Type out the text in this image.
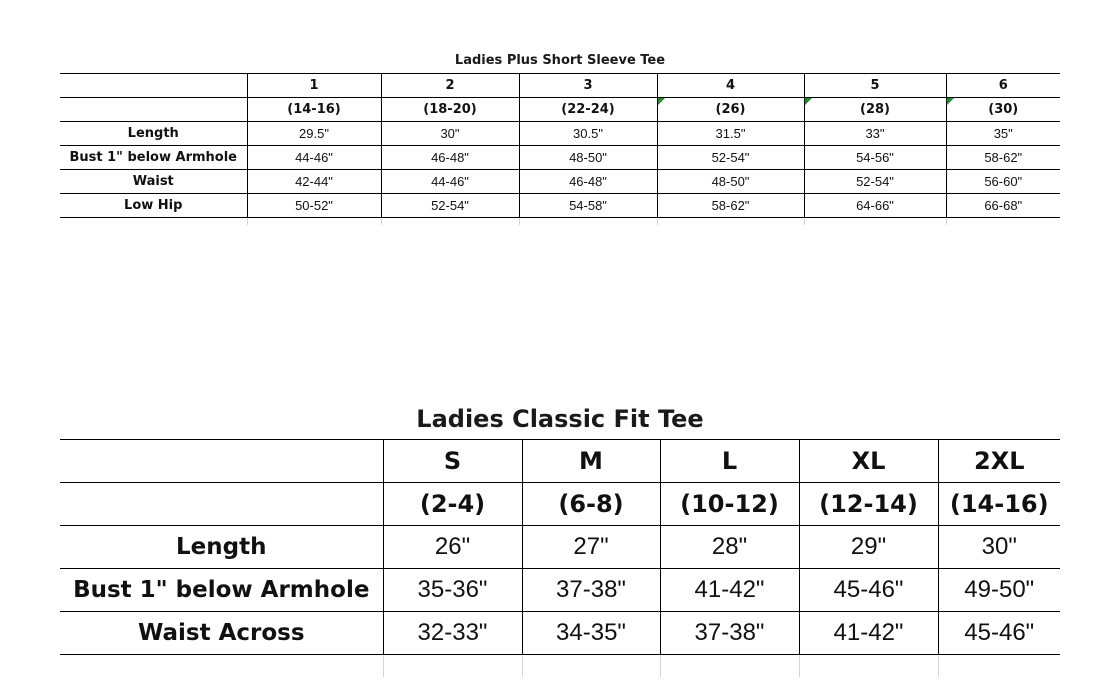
Ladies Plus Short Sleeve Tee
	1	2	3	4	5	6
	(14-16)	(18-20)	(22-24)	(26)	(28)	(30)
Length	29.5"	30"	30.5"	31.5"	33"	35"
Bust 1" below Armhole	44-46"	46-48"	48-50"	52-54"	54-56"	58-62"
Waist	42-44"	44-46"	46-48"	48-50"	52-54"	56-60"
Low Hip	50-52"	52-54"	54-58"	58-62"	64-66"	66-68"

Ladies Classic Fit Tee
	S	M	L	XL	2XL
	(2-4)	(6-8)	(10-12)	(12-14)	(14-16)
Length	26"	27"	28"	29"	30"
Bust 1" below Armhole	35-36"	37-38"	41-42"	45-46"	49-50"
Waist Across	32-33"	34-35"	37-38"	41-42"	45-46"
